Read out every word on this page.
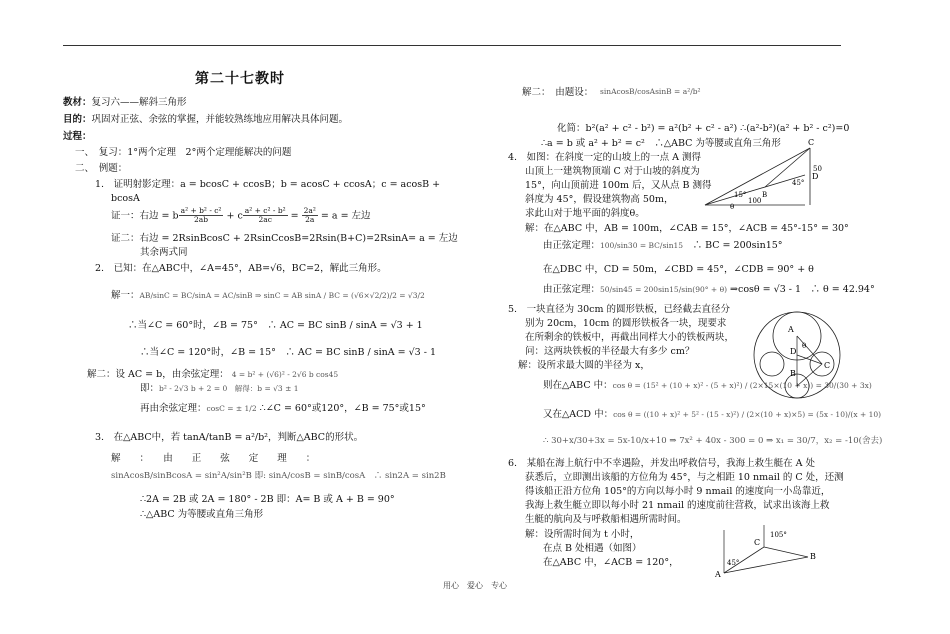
第二十七教时
教材：复习六——解斜三角形
目的：巩固对正弦、余弦的掌握，并能较熟练地应用解决具体问题。
过程：
一、　复习：1°两个定理　2°两个定理能解决的问题
二、　例题：
1.　证明射影定理：a = bcosC + ccosB；b = acosC + ccosA；c = acosB +
bcosA
证一：右边 = b $\frac{\text{a² + b² - c²}}{2ab} + c \frac{\text{a² + c² - b²}}{2ac} = \frac{\text{2a²}}{2a} = a$ = 左边
证二：右边 = 2RsinBcosC + 2RsinCcosB=2Rsin(B+C)=2RsinA= a = 左边
其余两式同
2.　已知：在△ABC中，∠A=45°，AB=√6，BC=2，解此三角形。
解一：AB/sinC = BC/sinA = AC/sinB ⇒ sinC = AB sinA / BC = (√6×√2/2)/2 = √3/2
∴当∠C = 60°时，∠B = 75°　∴ AC = BC sinB / sinA = √3 + 1
∴当∠C = 120°时，∠B = 15°　∴ AC = BC sinB / sinA = √3 - 1
解二：设 AC = b，由余弦定理： 4 = b² + (√6)² - 2√6 b cos45
即：b² - 2√3 b + 2 = 0　解得：b = √3 ± 1
再由余弦定理：cosC = ± 1/2 ∴∠C = 60°或120°，∠B = 75°或15°
3.　在△ABC中，若 tanA/tanB = a²/b²，判断△ABC的形状。
解　　：　　由　　正　　弦　　定　　理　　：
sinAcosB/sinBcosA = sin²A/sin²B 即: sinA/cosB = sinB/cosA　∴ sin2A = sin2B
∴2A = 2B 或 2A = 180° - 2B 即：A= B 或 A + B = 90°
∴△ABC 为等腰或直角三角形
解二：　由题设： sinAcosB/cosAsinB = a²/b²
化简：b²(a² + c² - b²) = a²(b² + c² - a²) ∴(a²-b²)(a² + b² - c²)=0
∴a = b 或 a² + b² = c²　∴△ABC 为等腰或直角三角形
4.　如图：在斜度一定的山坡上的一点 A 测得
山顶上一建筑物顶端 C 对于山坡的斜度为
15°，向山顶前进 100m 后，又从点 B 测得
斜度为 45°，假设建筑物高 50m，
求此山对于地平面的斜度θ。
解：在△ABC 中，AB = 100m，∠CAB = 15°，∠ACB = 45°-15° = 30°
由正弦定理：100/sin30 = BC/sin15　 ∴ BC = 200sin15°
在△DBC 中，CD = 50m，∠CBD = 45°，∠CDB = 90° + θ
由正弦定理：50/sin45 = 200sin15/sin(90° + θ) ⇒cosθ = √3 - 1　∴ θ = 42.94°
5.　一块直径为 30cm 的圆形铁板，已经截去直径分
别为 20cm，10cm 的圆形铁板各一块，现要求
在所剩余的铁板中，再截出同样大小的铁板两块，
问：这两块铁板的半径最大有多少 cm？
解：设所求最大圆的半径为 x，
则在△ABC 中：cos θ = (15² + (10 + x)² - (5 + x)²) / (2×15×(10 + x)) = 30/(30 + 3x)
又在△ACD 中：cos θ = ((10 + x)² + 5² - (15 - x)²) / (2×(10 + x)×5) = (5x - 10)/(x + 10)
∴ 30+x/30+3x = 5x-10/x+10 ⇒ 7x² + 40x - 300 = 0 ⇒ x₁ = 30/7，x₂ = -10(舍去)
6.　某船在海上航行中不幸遇险，并发出呼救信号，我海上救生艇在 A 处
获悉后，立即测出该船的方位角为 45°，与之相距 10 nmail 的 C 处，还测
得该船正沿方位角 105°的方向以每小时 9 nmail 的速度向一小岛靠近，
我海上救生艇立即以每小时 21 nmail 的速度前往营救，试求出该海上救
生艇的航向及与呼救船相遇所需时间。
解：设所需时间为 t 小时，
在点 B 处相遇（如图）
在△ABC 中，∠ACB = 120°，
C
D
50
100
15°
45°
θ
B
A
B
C
D
θ
A
B
C
45°
105°
用心　爱心　专心
